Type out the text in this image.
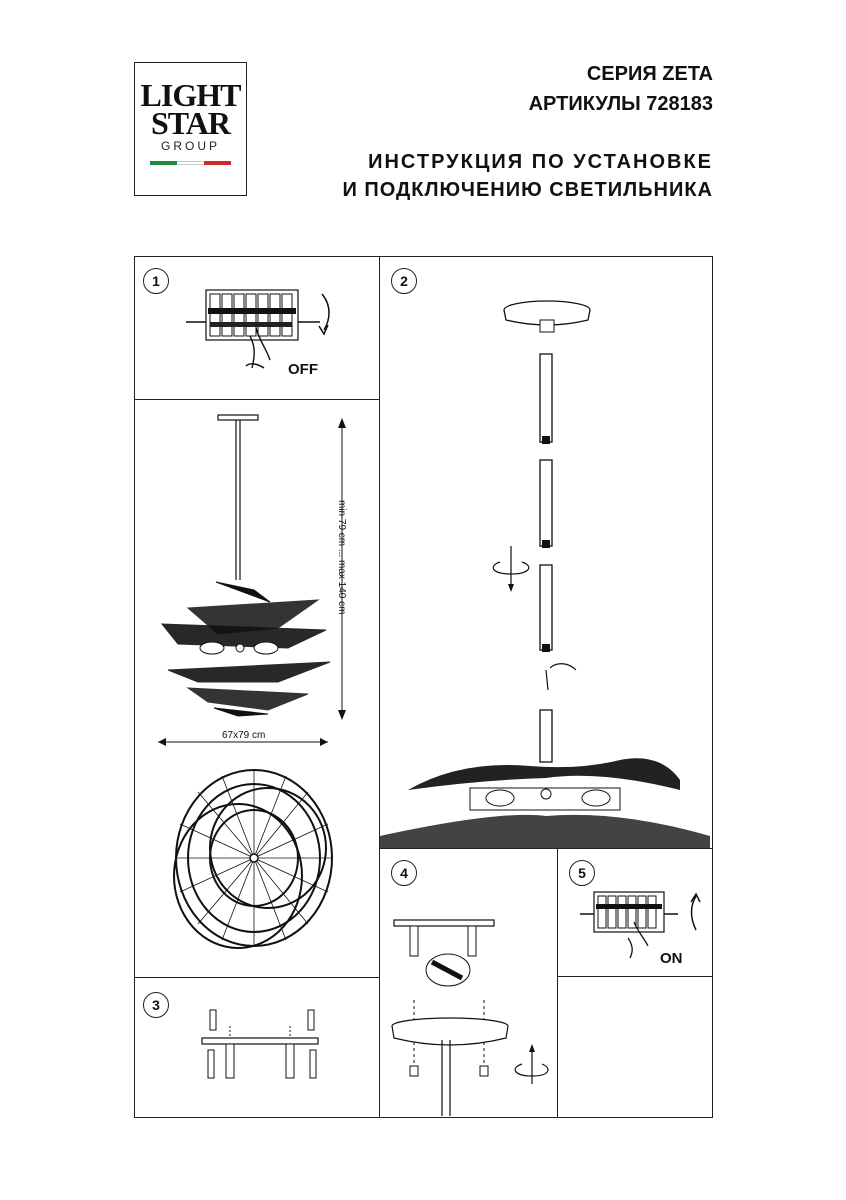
LIGHT
STAR
GROUP
СЕРИЯ ZETA
АРТИКУЛЫ 728183
ИНСТРУКЦИЯ ПО УСТАНОВКЕ
И ПОДКЛЮЧЕНИЮ СВЕТИЛЬНИКА
1	2
3
4	5
OFF
min 79 cm ... max 140 cm
67x79 cm
ON
